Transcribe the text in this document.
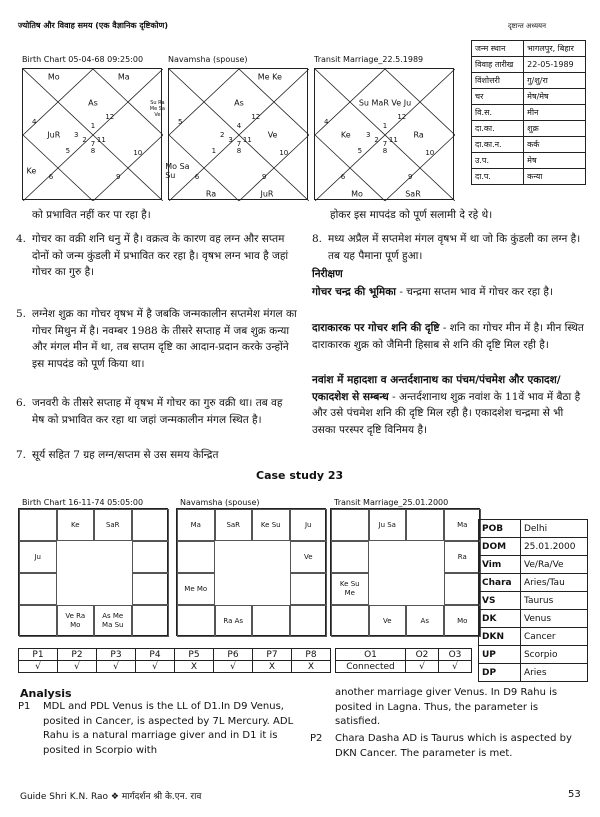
ज्योतिष और विवाह समय (एक वैज्ञानिक दृष्टिकोण)	दृष्टान्त अध्ययन
Birth Chart 05-04-68 09:25:00
1
2
3
4
5
6
7
8
9
10
11
12
Mo	Ma
As
JuR
Ke
Su Ra
Me Sa
Ve
Navamsha (spouse)
4
3
2
5
1
6
7
8
9
10
11
12
Me Ke
As
Ve
Mo Sa
Su
Ra	JuR
Transit Marriage_22.5.1989
1
2
3
4
5
6
7
8
9
10
11
12
Su MaR Ve Ju
Ke	Ra
Mo	SaR
जन्म स्थान	भागलपुर, बिहार
विवाह तारीख	22-05-1989
विंशोत्तरी	गु/शु/रा
चर	मेष/मेष
वि.स.	मीन
दा.का.	शुक्र
दा.का.न.	कर्क
उ.प.	मेष
दा.प.	कन्या
को प्रभावित नहीं कर पा रहा है।
4. गोचर का वक्री शनि धनु में है। वक्रत्व के कारण वह लग्न और सप्तम दोनों को जन्म कुंडली में प्रभावित कर रहा है। वृषभ लग्न भाव है जहां गोचर का गुरु है।
5. लग्नेश शुक्र का गोचर वृषभ में है जबकि जन्मकालीन सप्तमेश मंगल का गोचर मिथुन में है। नवम्बर 1988 के तीसरे सप्ताह में जब शुक्र कन्या और मंगल मीन में था, तब सप्तम दृष्टि का आदान-प्रदान करके उन्होंने इस मापदंड को पूर्ण किया था।
6. जनवरी के तीसरे सप्ताह में वृषभ में गोचर का गुरु वक्री था। तब वह मेष को प्रभावित कर रहा था जहां जन्मकालीन मंगल स्थित है।
7. सूर्य सहित 7 ग्रह लग्न/सप्तम से उस समय केन्द्रित
होकर इस मापदंड को पूर्ण सलामी दे रहे थे।
8. मध्य अप्रैल में सप्तमेश मंगल वृषभ में था जो कि कुंडली का लग्न है। तब यह पैमाना पूर्ण हुआ।
निरीक्षण
गोचर चन्द्र की भूमिका - चन्द्रमा सप्तम भाव में गोचर कर रहा है।
दाराकारक पर गोचर शनि की दृष्टि - शनि का गोचर मीन में है। मीन स्थित दाराकारक शुक्र को जैमिनी हिसाब से शनि की दृष्टि मिल रही है।
नवांश में महादशा व अन्तर्दशानाथ का पंचम/पंचमेश और एकादश/एकादशेश से सम्बन्ध - अन्तर्दशानाथ शुक्र नवांश के 11वें भाव में बैठा है और उसे पंचमेश शनि की दृष्टि मिल रही है। एकादशेश चन्द्रमा से भी उसका परस्पर दृष्टि विनिमय है।
Case study 23
Birth Chart 16-11-74 05:05:00
Ke	SaR
Ju
Ve Ra
Mo
As Me
Ma Su
Navamsha (spouse)
Ma	SaR	Ke Su	Ju
Ve
Me Mo
Ra As
Transit Marriage_25.01.2000
Ju Sa	Ma
Ra
Ke Su
Me
Ve	As	Mo
POB	Delhi
DOM	25.01.2000
Vim	Ve/Ra/Ve
Chara	Aries/Tau
VS	Taurus
DK	Venus
DKN	Cancer
UP	Scorpio
DP	Aries
P1	P2	P3	P4	P5	P6	P7	P8
√	√	√	√	X	√	X	X
O1	O2	O3
Connected	√	√
Analysis
P1 MDL and PDL Venus is the LL of D1.In D9 Venus, posited in Cancer, is aspected by 7L Mercury. ADL Rahu is a natural marriage giver and in D1 it is posited in Scorpio with
another marriage giver Venus. In D9 Rahu is posited in Lagna. Thus, the parameter is satisfied.
P2 Chara Dasha AD is Taurus which is aspected by DKN Cancer. The parameter is met.
Guide Shri K.N. Rao ❖ मार्गदर्शन श्री के.एन. राव	53
